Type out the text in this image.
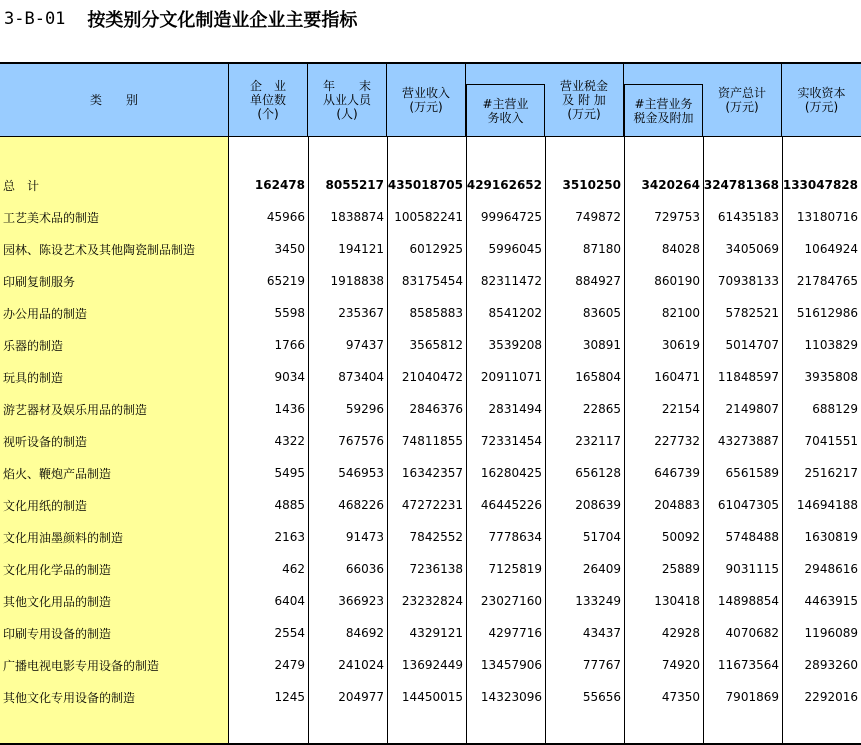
3-B-01 按类别分文化制造业企业主要指标
类　　别
企　业
单位数
(个)
年　　末
从业人员
(人)
营业收入
(万元)	#主营业
务收入
营业税金
及 附 加
(万元)
#主营业务
税金及附加
资产总计
(万元)
实收资本
(万元)
总　计	162478 8055217 435018705 429162652 3510250 3420264 324781368 133047828
工艺美术品的制造	45966 1838874 100582241 99964725	749872	729753 61435183 13180716
园林、陈设艺术及其他陶瓷制品制造	3450	194121 6012925 5996045	87180	84028 3405069 1064924
印刷复制服务	65219 1918838 83175454 82311472	884927	860190 70938133 21784765
办公用品的制造	5598	235367 8585883 8541202	83605	82100 5782521 51612986
乐器的制造	1766	97437 3565812 3539208	30891	30619 5014707 1103829
玩具的制造	9034	873404 21040472 20911071	165804	160471 11848597 3935808
游艺器材及娱乐用品的制造	1436	59296 2846376 2831494	22865	22154 2149807	688129
视听设备的制造	4322	767576 74811855 72331454	232117	227732 43273887 7041551
焰火、鞭炮产品制造	5495	546953 16342357 16280425	656128	646739 6561589 2516217
文化用纸的制造	4885	468226 47272231 46445226	208639	204883 61047305 14694188
文化用油墨颜料的制造	2163	91473 7842552 7778634	51704	50092 5748488 1630819
文化用化学品的制造	462	66036 7236138 7125819	26409	25889 9031115 2948616
其他文化用品的制造	6404	366923 23232824 23027160	133249	130418 14898854 4463915
印刷专用设备的制造	2554	84692 4329121 4297716	43437	42928 4070682 1196089
广播电视电影专用设备的制造	2479	241024 13692449 13457906	77767	74920 11673564 2893260
其他文化专用设备的制造	1245	204977 14450015 14323096	55656	47350 7901869 2292016
